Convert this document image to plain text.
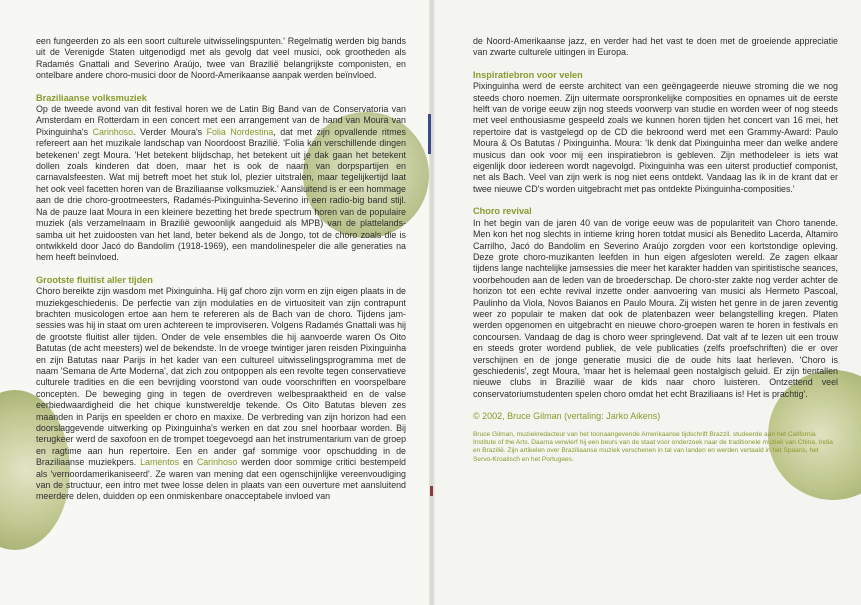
een fungeerden zo als een soort culturele uitwisselingspunten.' Regelmatig werden big bands uit de Verenigde Staten uitgenodigd met als gevolg dat veel musici, ook grootheden als Radamés Gnattali and Severino Araújo, twee van Brazilië belangrijkste componisten, en ontelbare andere choro-musici door de Noord-Amerikaanse aanpak werden beïnvloed.

Braziliaanse volksmuziek

Op de tweede avond van dit festival horen we de Latin Big Band van de Conservatoria van Amsterdam en Rotterdam in een concert met een arrangement van de hand van Moura van Pixinguinha's Carinhoso. Verder Moura's Folia Nordestina, dat met zijn opvallende ritmes refereert aan het muzikale landschap van Noordoost Brazilië. 'Folia kan verschillende dingen betekenen' zegt Moura. 'Het betekent blijdschap, het betekent uit je dak gaan het betekent dollen zoals kinderen dat doen, maar het is ook de naam van dorpspartijen en carnavalsfeesten. Wat mij betreft moet het stuk lol, plezier uitstralen, maar tegelijkertijd laat het ook veel facetten horen van de Braziliaanse volksmuziek.' Aansluitend is er een hommage aan de drie choro-grootmeesters, Radamés-Pixinguinha-Severino in een radio-big band stijl. Na de pauze laat Moura in een kleinere bezetting het brede spectrum horen van de populaire muziek (als verzamelnaam in Brazilië gewoonlijk aangeduid als MPB) van de plattelands-samba uit het zuidoosten van het land, beter bekend als de Jongo, tot de choro zoals die is ontwikkeld door Jacó do Bandolim (1918-1969), een mandolinespeler die alle generaties na hem heeft beïnvloed.

Grootste fluitist aller tijden

Choro bereikte zijn wasdom met Pixinguinha. Hij gaf choro zijn vorm en zijn eigen plaats in de muziekgeschiedenis. De perfectie van zijn modulaties en de virtuositeit van zijn contrapunt brachten musicologen ertoe aan hem te refereren als de Bach van de choro. Tijdens jam-sessies was hij in staat om uren achtereen te improviseren. Volgens Radamés Gnattali was hij de grootste fluitist aller tijden. Onder de vele ensembles die hij aanvoerde waren Os Oito Batutas (de acht meesters) wel de bekendste. In de vroege twintiger jaren reisden Pixinguinha en zijn Batutas naar Parijs in het kader van een cultureel uitwisselingsprogramma met de naam 'Semana de Arte Moderna', dat zich zou ontpoppen als een revolte tegen conservatieve culturele tradities en die een bevrijding voorstond van oude voorschriften en voorspelbare concepten. De beweging ging in tegen de overdreven welbespraaktheid en de valse eerbiedwaardigheid die het chique kunstwereldje tekende. Os Oito Batutas bleven zes maanden in Parijs en speelden er choro en maxixe. De verbreding van zijn horizon had een doorslaggevende uitwerking op Pixinguinha's werken en dat zou snel hoorbaar worden. Bij terugkeer werd de saxofoon en de trompet toegevoegd aan het instrumentarium van de groep en ragtime aan hun repertoire. Een en ander gaf sommige voor opschudding in de Braziliaanse muziekpers. Lamentos en Carinhoso werden door sommige critici bestempeld als 'vernoordamerikaniseerd'. Ze waren van mening dat een ogenschijnlijke vereenvoudiging van de structuur, een intro met twee losse delen in plaats van een ouverture met aansluitend meerdere delen, duidden op een onmiskenbare onacceptabele invloed van

de Noord-Amerikaanse jazz, en verder had het vast te doen met de groeiende appreciatie van zwarte culturele uitingen in Europa.

Inspiratiebron voor velen

Pixinguinha werd de eerste architect van een geëngageerde nieuwe stroming die we nog steeds choro noemen. Zijn uitermate oorspronkelijke composities en opnames uit de eerste helft van de vorige eeuw zijn nog steeds voorwerp van studie en worden weer of nog steeds met veel enthousiasme gespeeld zoals we kunnen horen tijden het concert van 16 mei, het repertoire dat is vastgelegd op de CD die bekroond werd met een Grammy-Award: Paulo Moura & Os Batutas / Pixinguinha. Moura: 'Ik denk dat Pixinguinha meer dan welke andere musicus dan ook voor mij een inspiratiebron is gebleven. Zijn methodeleer is iets wat eigenlijk door iedereen wordt nagevolgd. Pixinguinha was een uiterst productief componist, net als Bach. Veel van zijn werk is nog niet eens ontdekt. Vandaag las ik in de krant dat er twee nieuwe CD's worden uitgebracht met pas ontdekte Pixinguinha-composities.'

Choro revival

In het begin van de jaren 40 van de vorige eeuw was de populariteit van Choro tanende. Men kon het nog slechts in intieme kring horen totdat musici als Benedito Lacerda, Altamiro Carrilho, Jacó do Bandolim en Severino Araújo zorgden voor een kortstondige opleving. Deze grote choro-muzikanten leefden in hun eigen afgesloten wereld. Ze zagen elkaar tijdens lange nachtelijke jamsessies die meer het karakter hadden van spiritistische seances, voorbehouden aan de leden van de broederschap. De choro-ster zakte nog verder achter de horizon tot een echte revival inzette onder aanvoering van musici als Hermeto Pascoal, Paulinho da Viola, Novos Baianos en Paulo Moura. Zij wisten het genre in de jaren zeventig weer zo populair te maken dat ook de platenbazen weer belangstelling kregen. Platen werden opgenomen en uitgebracht en nieuwe choro-groepen waren te horen in festivals en concoursen. Vandaag de dag is choro weer springlevend. Dat valt af te lezen uit een trouw en steeds groter wordend publiek, de vele publicaties (zelfs proefschriften) die er over verschijnen en de jonge generatie musici die de oude hits laat herleven. 'Choro is geschiedenis', zegt Moura, 'maar het is helemaal geen nostalgisch geluid. Er zijn tientallen nieuwe clubs in Brazilië waar de kids naar choro luisteren. Ontzettend veel conservatoriumstudenten spelen choro omdat het echt Braziliaans is! Het is prachtig'.

© 2002, Bruce Gilman (vertaling: Jarko Aikens)
Bruce Gilman, muziekredacteur van het toonaangevende Amerikaanse tijdschrift Brazzil, studeerde aan het California Institute of the Arts. Daarna verwierf hij een beurs van de staat voor onderzoek naar de traditionele muziek van China, India en Brazilië. Zijn artikelen over Braziliaanse muziek verschenen in tal van landen en werden vertaald in het Spaans, het Servo-Kroatisch en het Portugees.
